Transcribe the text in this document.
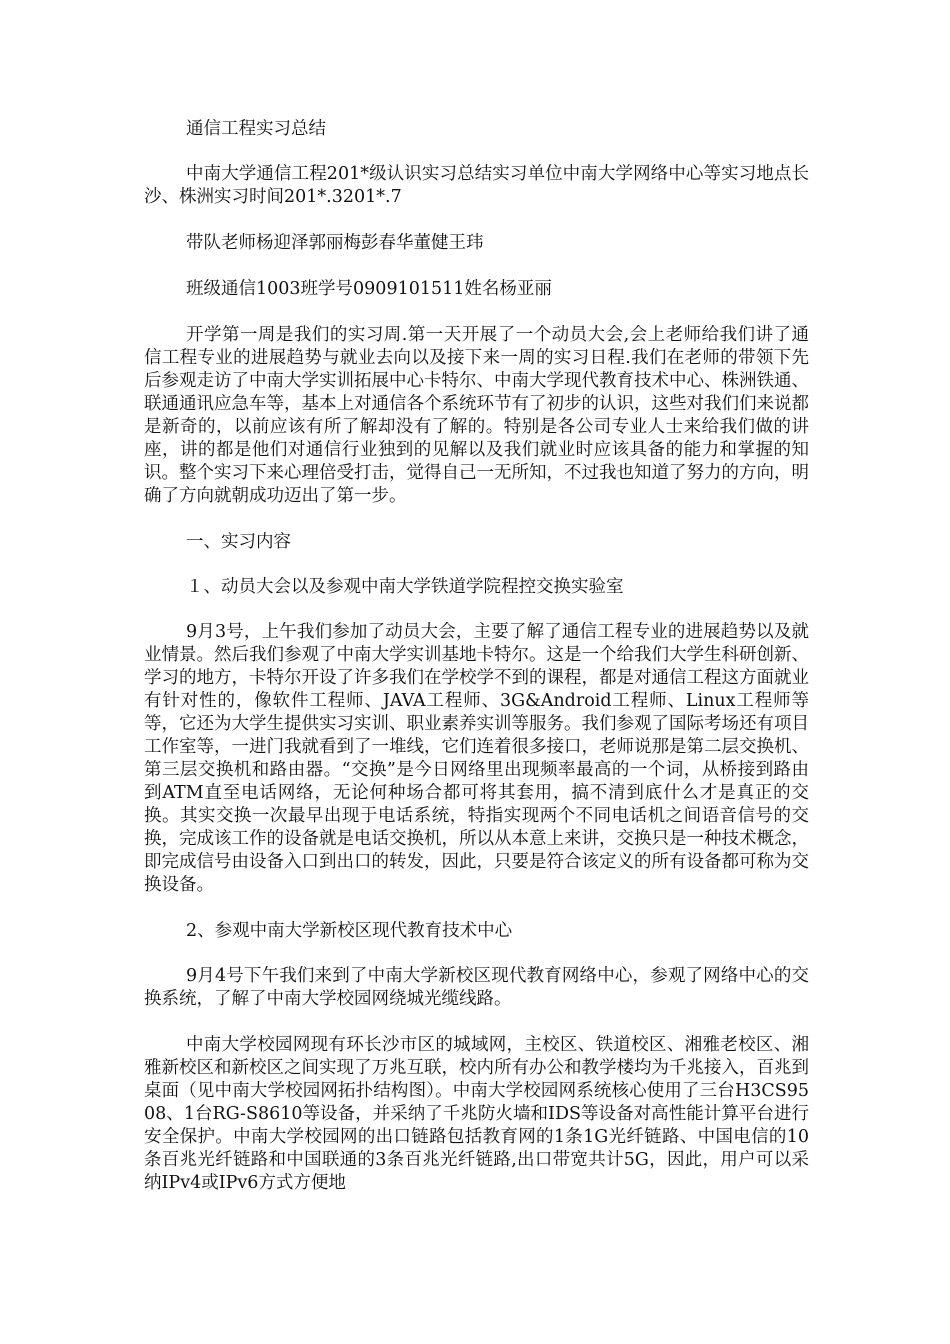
通信工程实习总结

中南大学通信工程201*级认识实习总结实习单位中南大学网络中心等实习地点长沙、株洲实习时间201*.3201*.7

带队老师杨迎泽郭丽梅彭春华董健王玮

班级通信1003班学号0909101511姓名杨亚丽

开学第一周是我们的实习周.第一天开展了一个动员大会,会上老师给我们讲了通信工程专业的进展趋势与就业去向以及接下来一周的实习日程.我们在老师的带领下先后参观走访了中南大学实训拓展中心卡特尔、中南大学现代教育技术中心、株洲铁通、联通通讯应急车等，基本上对通信各个系统环节有了初步的认识，这些对我们们来说都是新奇的，以前应该有所了解却没有了解的。特别是各公司专业人士来给我们做的讲座，讲的都是他们对通信行业独到的见解以及我们就业时应该具备的能力和掌握的知识。整个实习下来心理倍受打击，觉得自己一无所知，不过我也知道了努力的方向，明确了方向就朝成功迈出了第一步。

一、实习内容

１、动员大会以及参观中南大学铁道学院程控交换实验室

9月3号，上午我们参加了动员大会，主要了解了通信工程专业的进展趋势以及就业情景。然后我们参观了中南大学实训基地卡特尔。这是一个给我们大学生科研创新、学习的地方，卡特尔开设了许多我们在学校学不到的课程，都是对通信工程这方面就业有针对性的，像软件工程师、JAVA工程师、3G&Android工程师、Linux工程师等等，它还为大学生提供实习实训、职业素养实训等服务。我们参观了国际考场还有项目工作室等，一进门我就看到了一堆线，它们连着很多接口，老师说那是第二层交换机、第三层交换机和路由器。“交换”是今日网络里出现频率最高的一个词，从桥接到路由到ATM直至电话网络，无论何种场合都可将其套用，搞不清到底什么才是真正的交换。其实交换一次最早出现于电话系统，特指实现两个不同电话机之间语音信号的交换，完成该工作的设备就是电话交换机，所以从本意上来讲，交换只是一种技术概念，即完成信号由设备入口到出口的转发，因此，只要是符合该定义的所有设备都可称为交换设备。

2、参观中南大学新校区现代教育技术中心

9月4号下午我们来到了中南大学新校区现代教育网络中心，参观了网络中心的交换系统，了解了中南大学校园网绕城光缆线路。

中南大学校园网现有环长沙市区的城域网，主校区、铁道校区、湘雅老校区、湘雅新校区和新校区之间实现了万兆互联，校内所有办公和教学楼均为千兆接入，百兆到桌面（见中南大学校园网拓扑结构图）。中南大学校园网系统核心使用了三台H3CS9508、1台RG-S8610等设备，并采纳了千兆防火墙和IDS等设备对高性能计算平台进行安全保护。中南大学校园网的出口链路包括教育网的1条1G光纤链路、中国电信的10条百兆光纤链路和中国联通的3条百兆光纤链路,出口带宽共计5G，因此，用户可以采纳IPv4或IPv6方式方便地
